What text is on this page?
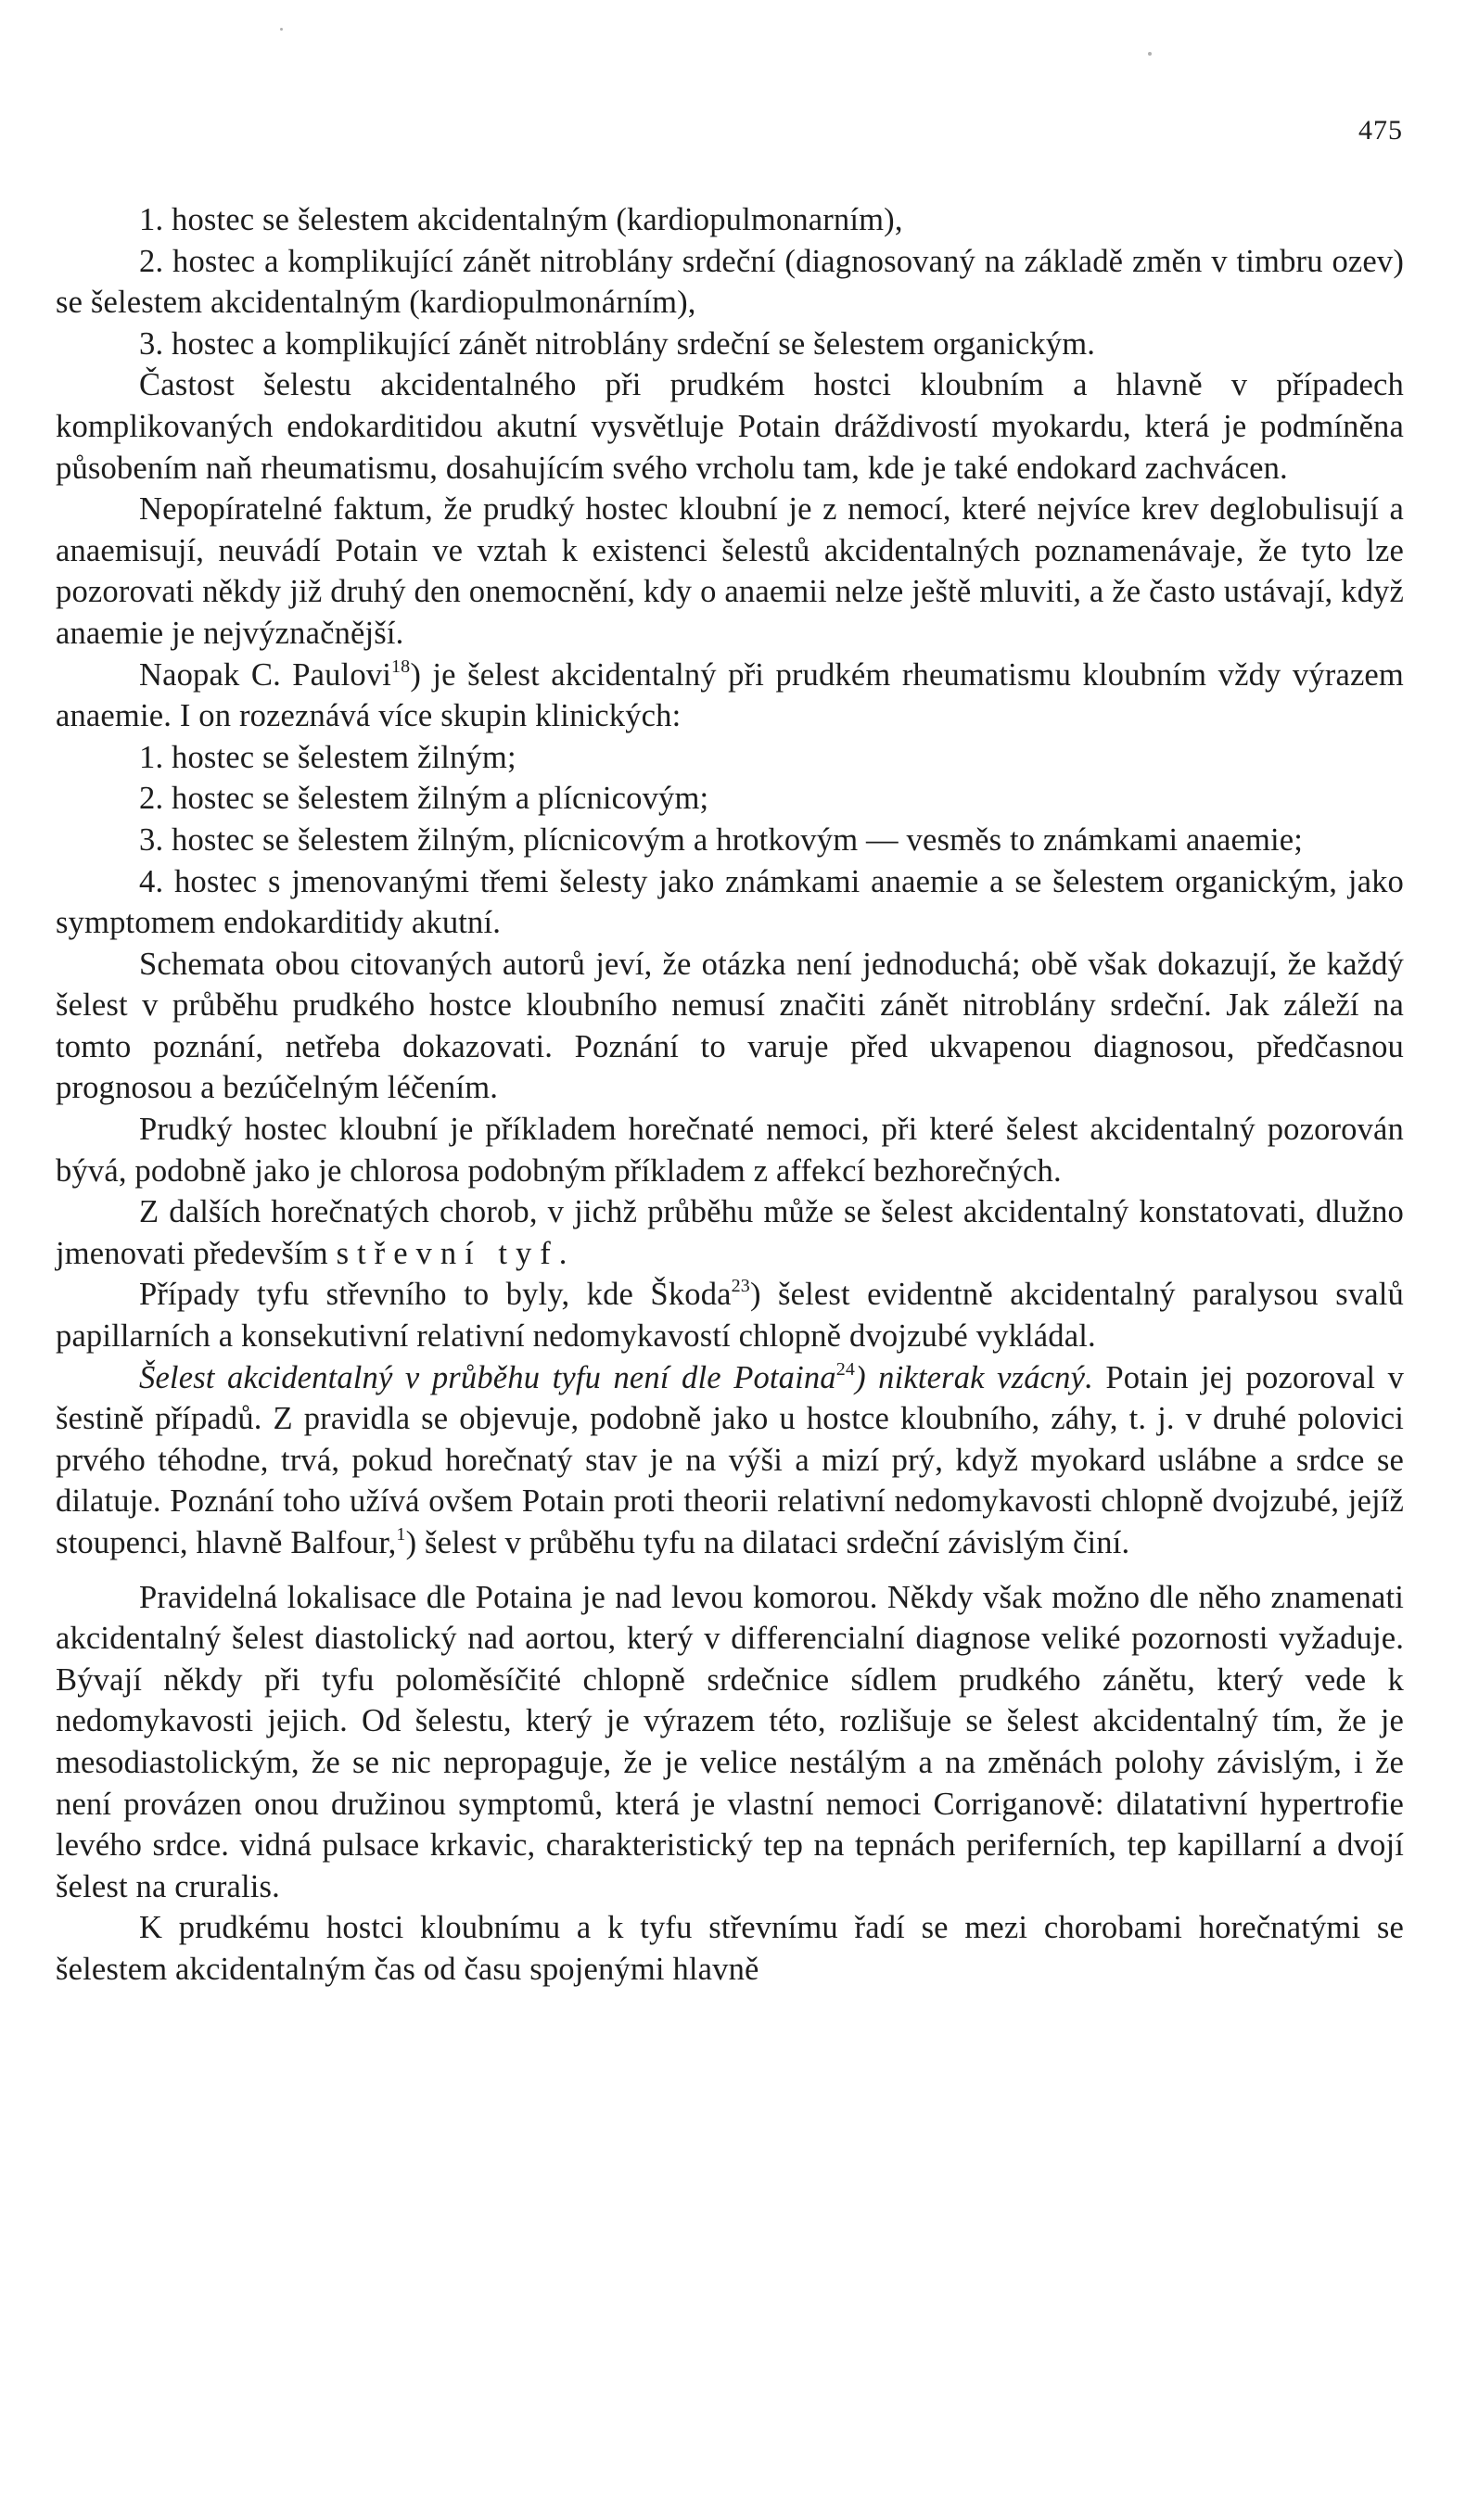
475

1. hostec se šelestem akcidentalným (kardiopulmonarním),

2. hostec a komplikující zánět nitroblány srdeční (diagnosovaný na základě změn v timbru ozev) se šelestem akcidentalným (kardiopulmonárním),

3. hostec a komplikující zánět nitroblány srdeční se šelestem organickým.

Častost šelestu akcidentalného při prudkém hostci kloubním a hlavně v případech komplikovaných endokarditidou akutní vysvětluje Potain dráždivostí myokardu, která je podmíněna působením naň rheumatismu, dosahujícím svého vrcholu tam, kde je také endokard zachvácen.

Nepopíratelné faktum, že prudký hostec kloubní je z nemocí, které nejvíce krev deglobulisují a anaemisují, neuvádí Potain ve vztah k existenci šelestů akcidentalných poznamenávaje, že tyto lze pozorovati někdy již druhý den onemocnění, kdy o anaemii nelze ještě mluviti, a že často ustávají, když anaemie je nejvýznačnější.

Naopak C. Paulovi$^{18}$) je šelest akcidentalný při prudkém rheumatismu kloubním vždy výrazem anaemie. I on rozeznává více skupin klinických:

1. hostec se šelestem žilným;

2. hostec se šelestem žilným a plícnicovým;

3. hostec se šelestem žilným, plícnicovým a hrotkovým — vesměs to známkami anaemie;

4. hostec s jmenovanými třemi šelesty jako známkami anaemie a se šelestem organickým, jako symptomem endokarditidy akutní.

Schemata obou citovaných autorů jeví, že otázka není jednoduchá; obě však dokazují, že každý šelest v průběhu prudkého hostce kloubního nemusí značiti zánět nitroblány srdeční. Jak záleží na tomto poznání, netřeba dokazovati. Poznání to varuje před ukvapenou diagnosou, předčasnou prognosou a bezúčelným léčením.

Prudký hostec kloubní je příkladem horečnaté nemoci, při které šelest akcidentalný pozorován bývá, podobně jako je chlorosa podobným příkladem z affekcí bezhorečných.

Z dalších horečnatých chorob, v jichž průběhu může se šelest akcidentalný konstatovati, dlužno jmenovati především střevní tyf.

Případy tyfu střevního to byly, kde Škoda$^{23}$) šelest evidentně akcidentalný paralysou svalů papillarních a konsekutivní relativní nedomykavostí chlopně dvojzubé vykládal.

Šelest akcidentalný v průběhu tyfu není dle Potaina$^{24}$) nikterak vzácný. Potain jej pozoroval v šestině případů. Z pravidla se objevuje, podobně jako u hostce kloubního, záhy, t. j. v druhé polovici prvého téhodne, trvá, pokud horečnatý stav je na výši a mizí prý, když myokard uslábne a srdce se dilatuje. Poznání toho užívá ovšem Potain proti theorii relativní nedomykavosti chlopně dvojzubé, jejíž stoupenci, hlavně Balfour,$^1$) šelest v průběhu tyfu na dilataci srdeční závislým činí.

Pravidelná lokalisace dle Potaina je nad levou komorou. Někdy však možno dle něho znamenati akcidentalný šelest diastolický nad aortou, který v differencialní diagnose veliké pozornosti vyžaduje. Bývají někdy při tyfu poloměsíčité chlopně srdečnice sídlem prudkého zánětu, který vede k nedomykavosti jejich. Od šelestu, který je výrazem této, rozlišuje se šelest akcidentalný tím, že je mesodiastolickým, že se nic nepropaguje, že je velice nestálým a na změnách polohy závislým, i že není provázen onou družinou symptomů, která je vlastní nemoci Corriganově: dilatativní hypertrofie levého srdce. vidná pulsace krkavic, charakteristický tep na tepnách periferních, tep kapillarní a dvojí šelest na cruralis.

K prudkému hostci kloubnímu a k tyfu střevnímu řadí se mezi chorobami horečnatými se šelestem akcidentalným čas od času spojenými hlavně
